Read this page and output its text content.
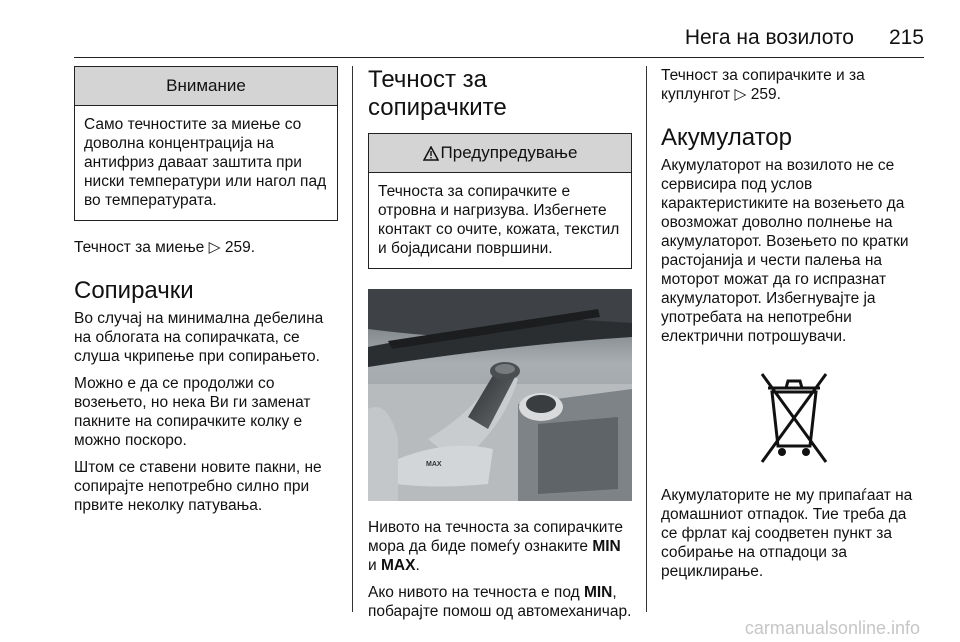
Нега на возилото 215
Внимание
Само течностите за миење со доволна концентрација на антифриз даваат заштита при ниски температури или нагол пад во температурата.

Течност за миење ▷ 259.

Сопирачки

Во случај на минимална дебелина на облогата на сопирачката, се слуша чкрипење при сопирањето.

Можно е да се продолжи со возењето, но нека Ви ги заменат пакните на сопирачките колку е можно поскоро.

Штом се ставени новите пакни, не сопирајте непотребно силно при првите неколку патувања.

Течност за сопирачките
Предупредување
Течноста за сопирачките е отровна и нагризува. Избегнете контакт со очите, кожата, текстил и бојадисани површини.
MAX

Нивото на течноста за сопирачките мора да биде помеѓу ознаките MIN и MAX.

Ако нивото на течноста е под MIN, побарајте помош од автомеханичар.

Течност за сопирачките и за куплунгот ▷ 259.

Акумулатор

Акумулаторот на возилото не се сервисира под услов карактеристиките на возењето да овозможат доволно полнење на акумулаторот. Возењето по кратки растојанија и чести палења на моторот можат да го испразнат акумулаторот. Избегнувајте ја употребата на непотребни електрични потрошувачи.

Акумулаторите не му припаѓаат на домашниот отпадок. Тие треба да се фрлат кај соодветен пункт за собирање на отпадоци за рециклирање.

carmanualsonline.info
